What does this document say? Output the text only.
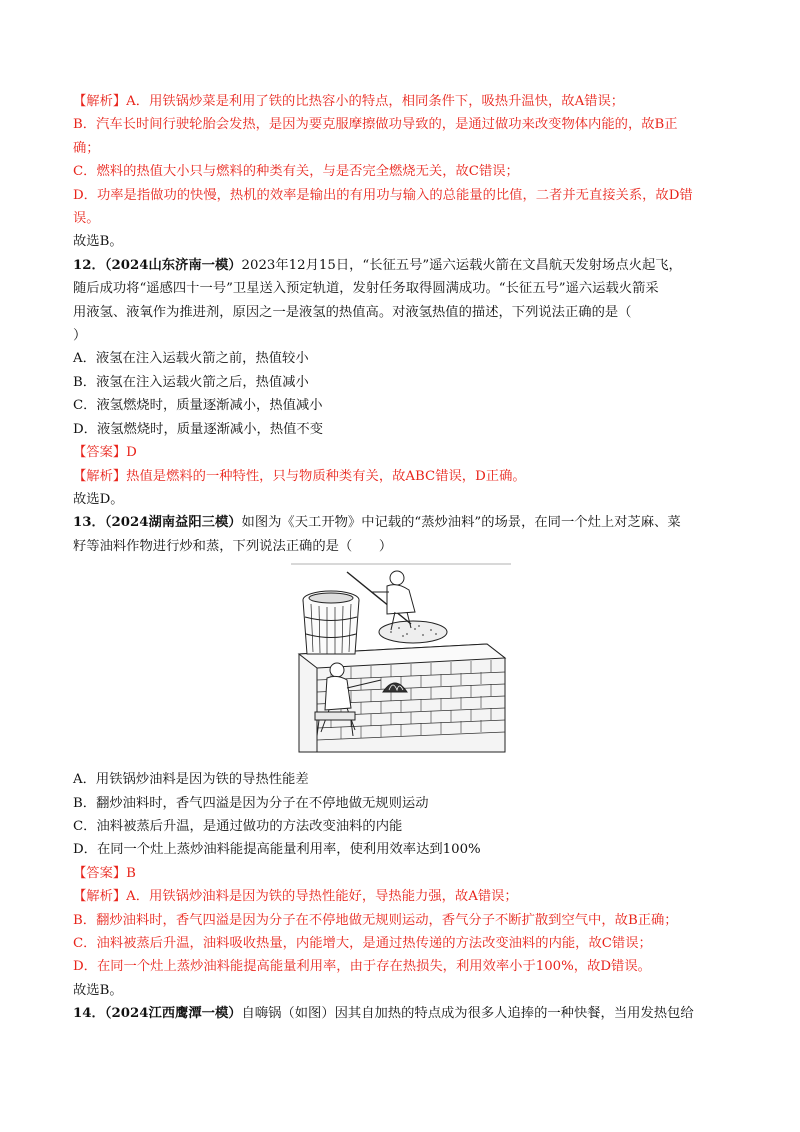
【解析】A．用铁锅炒菜是利用了铁的比热容小的特点，相同条件下，吸热升温快，故A错误；
B．汽车长时间行驶轮胎会发热，是因为要克服摩擦做功导致的，是通过做功来改变物体内能的，故B正
确；
C．燃料的热值大小只与燃料的种类有关，与是否完全燃烧无关，故C错误；
D．功率是指做功的快慢，热机的效率是输出的有用功与输入的总能量的比值，二者并无直接关系，故D错
误。
故选B。
12．（2024山东济南一模）2023年12月15日，“长征五号”遥六运载火箭在文昌航天发射场点火起飞，
随后成功将“遥感四十一号”卫星送入预定轨道，发射任务取得圆满成功。“长征五号”遥六运载火箭采
用液氢、液氧作为推进剂，原因之一是液氢的热值高。对液氢热值的描述，下列说法正确的是（
）
A．液氢在注入运载火箭之前，热值较小
B．液氢在注入运载火箭之后，热值减小
C．液氢燃烧时，质量逐渐减小，热值减小
D．液氢燃烧时，质量逐渐减小，热值不变
【答案】D
【解析】热值是燃料的一种特性，只与物质种类有关，故ABC错误，D正确。
故选D。
13．（2024湖南益阳三模）如图为《天工开物》中记载的“蒸炒油料”的场景，在同一个灶上对芝麻、菜
籽等油料作物进行炒和蒸，下列说法正确的是（　　）
A．用铁锅炒油料是因为铁的导热性能差
B．翻炒油料时，香气四溢是因为分子在不停地做无规则运动
C．油料被蒸后升温，是通过做功的方法改变油料的内能
D．在同一个灶上蒸炒油料能提高能量利用率，使利用效率达到100%
【答案】B
【解析】A．用铁锅炒油料是因为铁的导热性能好，导热能力强，故A错误；
B．翻炒油料时，香气四溢是因为分子在不停地做无规则运动，香气分子不断扩散到空气中，故B正确；
C．油料被蒸后升温，油料吸收热量，内能增大，是通过热传递的方法改变油料的内能，故C错误；
D．在同一个灶上蒸炒油料能提高能量利用率，由于存在热损失，利用效率小于100%，故D错误。
故选B。
14．（2024江西鹰潭一模）自嗨锅（如图）因其自加热的特点成为很多人追捧的一种快餐，当用发热包给
